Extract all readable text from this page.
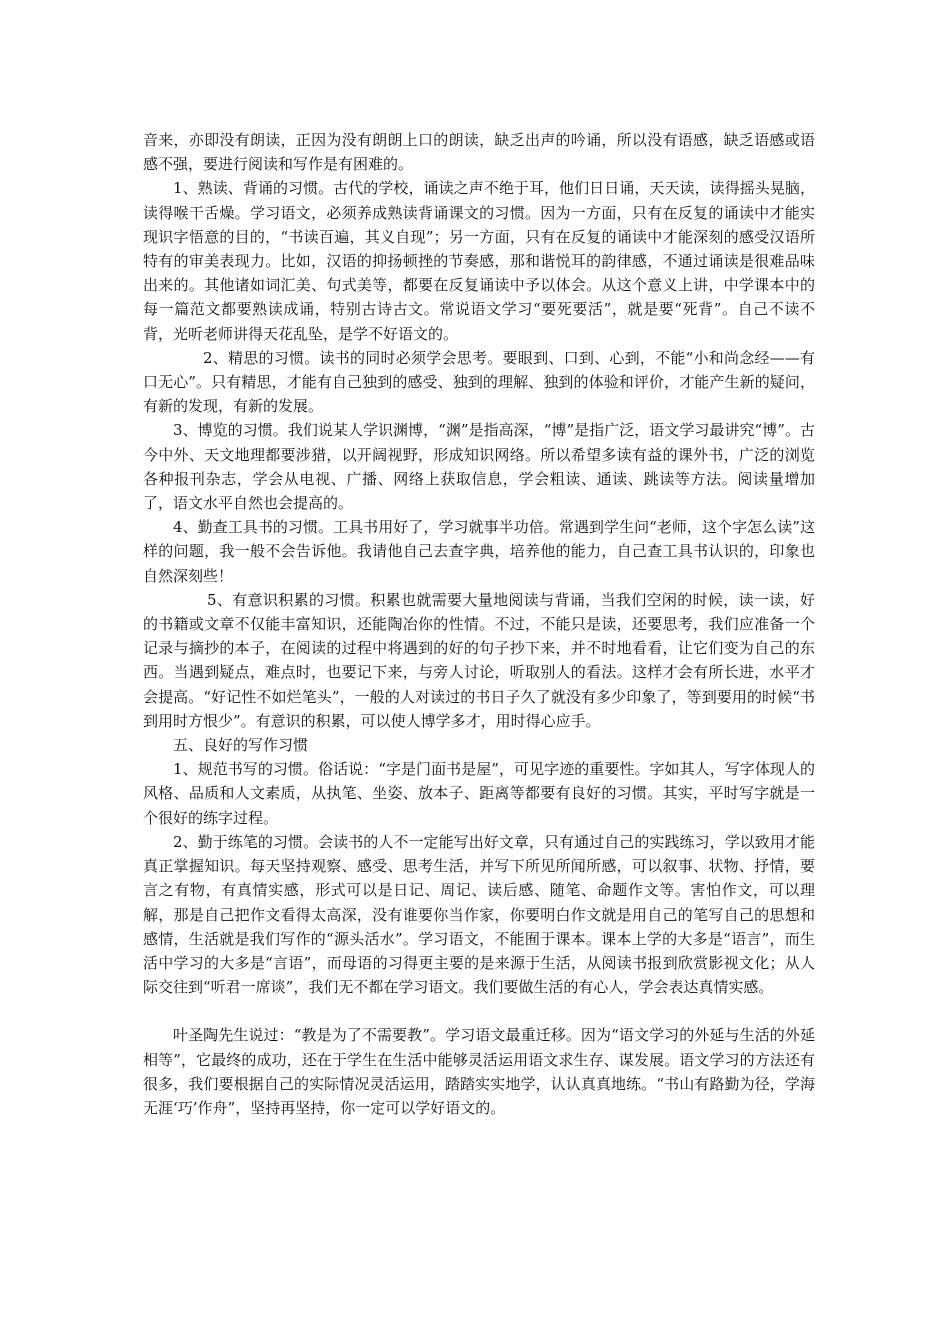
音来，亦即没有朗读，正因为没有朗朗上口的朗读，缺乏出声的吟诵，所以没有语感，缺乏语感或语感不强，要进行阅读和写作是有困难的。

1、熟读、背诵的习惯。古代的学校，诵读之声不绝于耳，他们日日诵，天天读，读得摇头晃脑，读得喉干舌燥。学习语文，必须养成熟读背诵课文的习惯。因为一方面，只有在反复的诵读中才能实现识字悟意的目的，“书读百遍，其义自现”；另一方面，只有在反复的诵读中才能深刻的感受汉语所特有的审美表现力。比如，汉语的抑扬顿挫的节奏感，那和谐悦耳的韵律感，不通过诵读是很难品味出来的。其他诸如词汇美、句式美等，都要在反复诵读中予以体会。从这个意义上讲，中学课本中的每一篇范文都要熟读成诵，特别古诗古文。常说语文学习“要死要活”，就是要“死背”。自己不读不背，光听老师讲得天花乱坠，是学不好语文的。

2、精思的习惯。读书的同时必须学会思考。要眼到、口到、心到，不能“小和尚念经——有口无心”。只有精思，才能有自己独到的感受、独到的理解、独到的体验和评价，才能产生新的疑问，有新的发现，有新的发展。

3、博览的习惯。我们说某人学识渊博，“渊”是指高深，“博”是指广泛，语文学习最讲究“博”。古今中外、天文地理都要涉猎，以开阔视野，形成知识网络。所以希望多读有益的课外书，广泛的浏览各种报刊杂志，学会从电视、广播、网络上获取信息，学会粗读、通读、跳读等方法。阅读量增加了，语文水平自然也会提高的。

4、勤查工具书的习惯。工具书用好了，学习就事半功倍。常遇到学生问“老师，这个字怎么读”这样的问题，我一般不会告诉他。我请他自己去查字典，培养他的能力，自己查工具书认识的，印象也自然深刻些！

5、有意识积累的习惯。积累也就需要大量地阅读与背诵，当我们空闲的时候，读一读，好的书籍或文章不仅能丰富知识，还能陶冶你的性情。不过，不能只是读，还要思考，我们应准备一个记录与摘抄的本子，在阅读的过程中将遇到的好的句子抄下来，并不时地看看，让它们变为自己的东西。当遇到疑点，难点时，也要记下来，与旁人讨论，听取别人的看法。这样才会有所长进，水平才会提高。“好记性不如烂笔头”，一般的人对读过的书日子久了就没有多少印象了，等到要用的时候“书到用时方恨少”。有意识的积累，可以使人博学多才，用时得心应手。

五、良好的写作习惯

1、规范书写的习惯。俗话说：“字是门面书是屋”，可见字迹的重要性。字如其人，写字体现人的风格、品质和人文素质，从执笔、坐姿、放本子、距离等都要有良好的习惯。其实，平时写字就是一个很好的练字过程。

2、勤于练笔的习惯。会读书的人不一定能写出好文章，只有通过自己的实践练习，学以致用才能真正掌握知识。每天坚持观察、感受、思考生活，并写下所见所闻所感，可以叙事、状物、抒情，要言之有物，有真情实感，形式可以是日记、周记、读后感、随笔、命题作文等。害怕作文，可以理解，那是自己把作文看得太高深，没有谁要你当作家，你要明白作文就是用自己的笔写自己的思想和感情，生活就是我们写作的“源头活水”。学习语文，不能囿于课本。课本上学的大多是“语言”，而生活中学习的大多是“言语”，而母语的习得更主要的是来源于生活，从阅读书报到欣赏影视文化；从人际交往到“听君一席谈”，我们无不都在学习语文。我们要做生活的有心人，学会表达真情实感。

叶圣陶先生说过：“教是为了不需要教”。学习语文最重迁移。因为“语文学习的外延与生活的外延相等”，它最终的成功，还在于学生在生活中能够灵活运用语文求生存、谋发展。语文学习的方法还有很多，我们要根据自己的实际情况灵活运用，踏踏实实地学，认认真真地练。“书山有路勤为径，学海无涯‘巧’作舟”，坚持再坚持，你一定可以学好语文的。
